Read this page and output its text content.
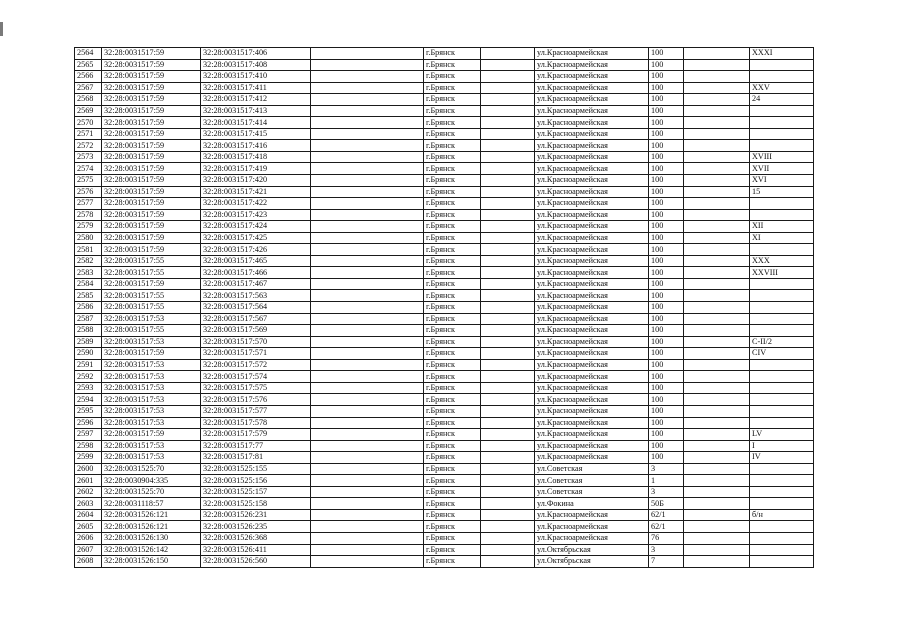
2564	32:28:0031517:59	32:28:0031517:406		г.Брянск		ул.Красноармейская	100		XXXI
2565	32:28:0031517:59	32:28:0031517:408		г.Брянск		ул.Красноармейская	100		
2566	32:28:0031517:59	32:28:0031517:410		г.Брянск		ул.Красноармейская	100		
2567	32:28:0031517:59	32:28:0031517:411		г.Брянск		ул.Красноармейская	100		XXV
2568	32:28:0031517:59	32:28:0031517:412		г.Брянск		ул.Красноармейская	100		24
2569	32:28:0031517:59	32:28:0031517:413		г.Брянск		ул.Красноармейская	100		
2570	32:28:0031517:59	32:28:0031517:414		г.Брянск		ул.Красноармейская	100		
2571	32:28:0031517:59	32:28:0031517:415		г.Брянск		ул.Красноармейская	100		
2572	32:28:0031517:59	32:28:0031517:416		г.Брянск		ул.Красноармейская	100		
2573	32:28:0031517:59	32:28:0031517:418		г.Брянск		ул.Красноармейская	100		XVIII
2574	32:28:0031517:59	32:28:0031517:419		г.Брянск		ул.Красноармейская	100		XVII
2575	32:28:0031517:59	32:28:0031517:420		г.Брянск		ул.Красноармейская	100		XVI
2576	32:28:0031517:59	32:28:0031517:421		г.Брянск		ул.Красноармейская	100		15
2577	32:28:0031517:59	32:28:0031517:422		г.Брянск		ул.Красноармейская	100		
2578	32:28:0031517:59	32:28:0031517:423		г.Брянск		ул.Красноармейская	100		
2579	32:28:0031517:59	32:28:0031517:424		г.Брянск		ул.Красноармейская	100		XII
2580	32:28:0031517:59	32:28:0031517:425		г.Брянск		ул.Красноармейская	100		XI
2581	32:28:0031517:59	32:28:0031517:426		г.Брянск		ул.Красноармейская	100		
2582	32:28:0031517:55	32:28:0031517:465		г.Брянск		ул.Красноармейская	100		XXX
2583	32:28:0031517:55	32:28:0031517:466		г.Брянск		ул.Красноармейская	100		XXVIII
2584	32:28:0031517:59	32:28:0031517:467		г.Брянск		ул.Красноармейская	100		
2585	32:28:0031517:55	32:28:0031517:563		г.Брянск		ул.Красноармейская	100		
2586	32:28:0031517:55	32:28:0031517:564		г.Брянск		ул.Красноармейская	100		
2587	32:28:0031517:53	32:28:0031517:567		г.Брянск		ул.Красноармейская	100		
2588	32:28:0031517:55	32:28:0031517:569		г.Брянск		ул.Красноармейская	100		
2589	32:28:0031517:53	32:28:0031517:570		г.Брянск		ул.Красноармейская	100		C-II/2
2590	32:28:0031517:59	32:28:0031517:571		г.Брянск		ул.Красноармейская	100		CIV
2591	32:28:0031517:53	32:28:0031517:572		г.Брянск		ул.Красноармейская	100		
2592	32:28:0031517:53	32:28:0031517:574		г.Брянск		ул.Красноармейская	100		
2593	32:28:0031517:53	32:28:0031517:575		г.Брянск		ул.Красноармейская	100		
2594	32:28:0031517:53	32:28:0031517:576		г.Брянск		ул.Красноармейская	100		
2595	32:28:0031517:53	32:28:0031517:577		г.Брянск		ул.Красноармейская	100		
2596	32:28:0031517:53	32:28:0031517:578		г.Брянск		ул.Красноармейская	100		
2597	32:28:0031517:59	32:28:0031517:579		г.Брянск		ул.Красноармейская	100		LV
2598	32:28:0031517:53	32:28:0031517:77		г.Брянск		ул.Красноармейская	100		I
2599	32:28:0031517:53	32:28:0031517:81		г.Брянск		ул.Красноармейская	100		IV
2600	32:28:0031525:70	32:28:0031525:155		г.Брянск		ул.Советская	3		
2601	32:28:0030904:335	32:28:0031525:156		г.Брянск		ул.Советская	1		
2602	32:28:0031525:70	32:28:0031525:157		г.Брянск		ул.Советская	3		
2603	32:28:0031118:57	32:28:0031525:158		г.Брянск		ул.Фокина	50Б		
2604	32:28:0031526:121	32:28:0031526:231		г.Брянск		ул.Красноармейская	62/1		б/н
2605	32:28:0031526:121	32:28:0031526:235		г.Брянск		ул.Красноармейская	62/1		
2606	32:28:0031526:130	32:28:0031526:368		г.Брянск		ул.Красноармейская	76		
2607	32:28:0031526:142	32:28:0031526:411		г.Брянск		ул.Октябрьская	3		
2608	32:28:0031526:150	32:28:0031526:560		г.Брянск		ул.Октябрьская	7		
